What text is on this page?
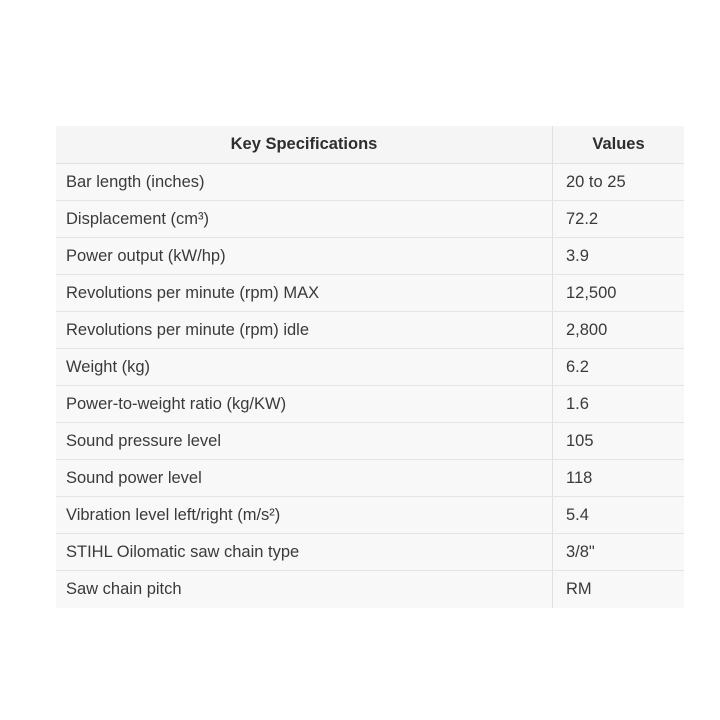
Key Specifications	Values
Bar length (inches)	20 to 25
Displacement (cm³)	72.2
Power output (kW/hp)	3.9
Revolutions per minute (rpm) MAX	12,500
Revolutions per minute (rpm) idle	2,800
Weight (kg)	6.2
Power-to-weight ratio (kg/KW)	1.6
Sound pressure level	105
Sound power level	118
Vibration level left/right (m/s²)	5.4
STIHL Oilomatic saw chain type	3/8"
Saw chain pitch	RM
